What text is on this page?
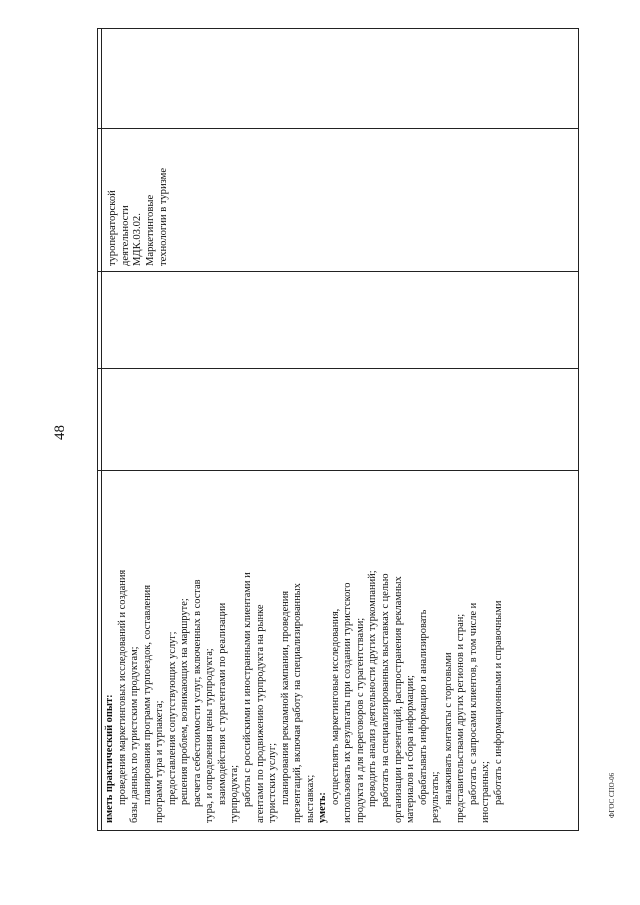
48
иметь практический опыт: проведения маркетинговых исследований и создания базы данных по туристским продуктам; планирования программ турпоездок, составления программ тура и турпакета; предоставления сопутствующих услуг; решения проблем, возникающих на маршруте; расчета себестоимости услуг, включенных в состав тура, и определения цены турпродукта; взаимодействия с турагентами по реализации турпродукта; работы с российскими и иностранными клиентами и агентами по продвижению турпродукта на рынке туристских услуг; планирования рекламной кампании, проведения презентаций, включая работу на специализированных выставках; уметь:
осуществлять маркетинговые исследования, использовать их результаты при создании туристского продукта и для переговоров с турагентствами; проводить анализ деятельности других туркомпаний; работать на специализированных выставках с целью организации презентаций, распространения рекламных материалов и сбора информации; обрабатывать информацию и анализировать результаты; налаживать контакты с торговыми представительствами других регионов и стран; работать с запросами клиентов, в том числе и иностранных; работать с информационными и справочными
туроператорской деятельности МДК.03.02. Маркетинговые технологии в туризме
ФГОС СПО-06
